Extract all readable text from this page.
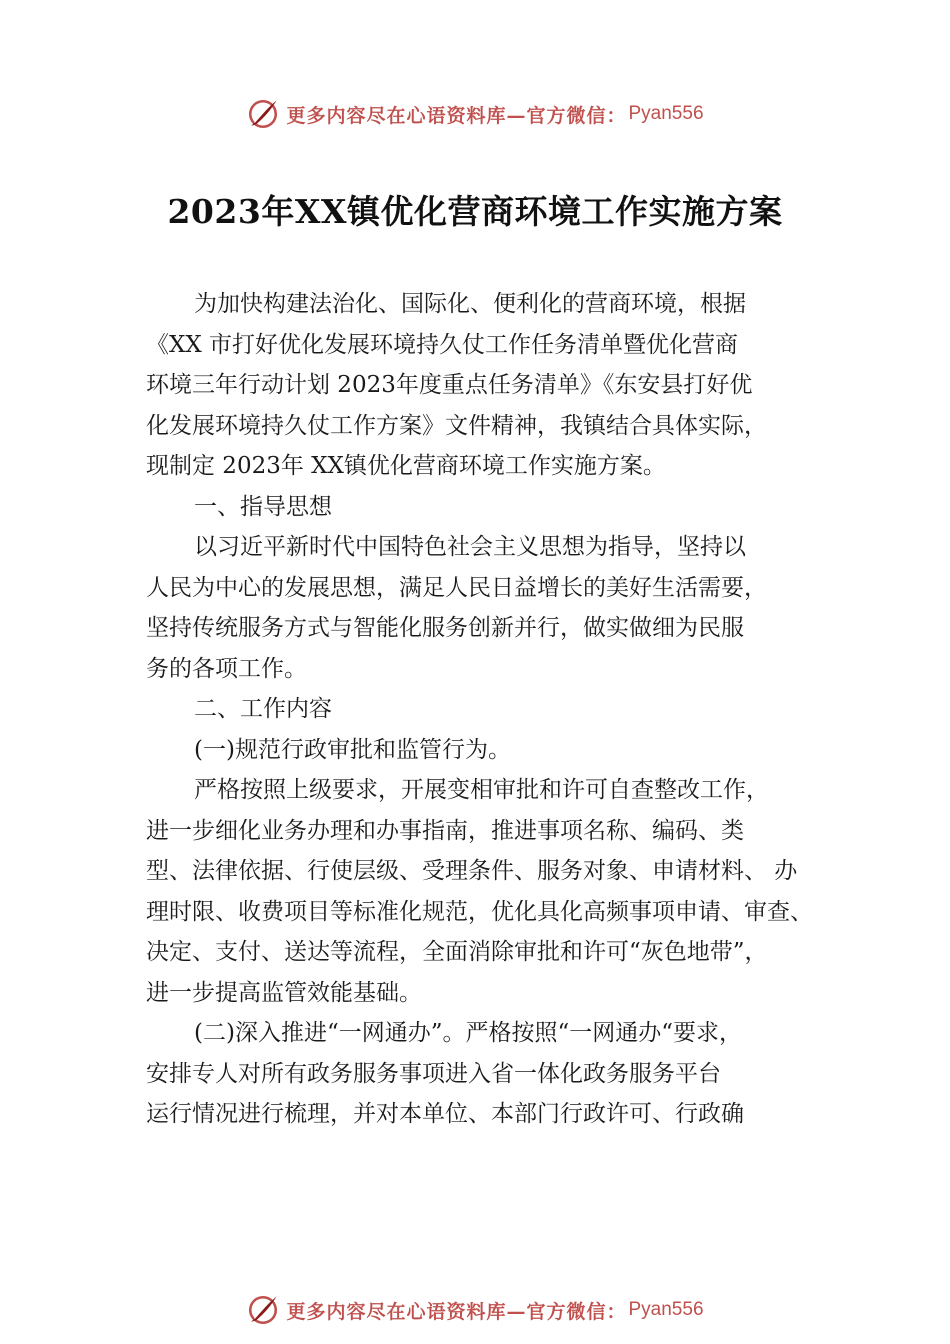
更多内容尽在心语资料库—官方微信： Pyan556
2023年XX镇优化营商环境工作实施方案
为加快构建法治化、国际化、便利化的营商环境，根据
《XX 市打好优化发展环境持久仗工作任务清单暨优化营商
环境三年行动计划 2023年度重点任务清单》《东安县打好优
化发展环境持久仗工作方案》文件精神，我镇结合具体实际，
现制定 2023年 XX镇优化营商环境工作实施方案。
一、指导思想
以习近平新时代中国特色社会主义思想为指导，坚持以
人民为中心的发展思想，满足人民日益增长的美好生活需要，
坚持传统服务方式与智能化服务创新并行，做实做细为民服
务的各项工作。
二、工作内容
(一)规范行政审批和监管行为。
严格按照上级要求，开展变相审批和许可自查整改工作，
进一步细化业务办理和办事指南，推进事项名称、编码、类
型、法律依据、行使层级、受理条件、服务对象、申请材料、 办
理时限、收费项目等标准化规范，优化具化高频事项申请、审查、
决定、支付、送达等流程，全面消除审批和许可“灰色地带”，
进一步提高监管效能基础。
(二)深入推进“一网通办”。严格按照“一网通办“要求，
安排专人对所有政务服务事项进入省一体化政务服务平台
运行情况进行梳理，并对本单位、本部门行政许可、行政确
更多内容尽在心语资料库—官方微信： Pyan556
